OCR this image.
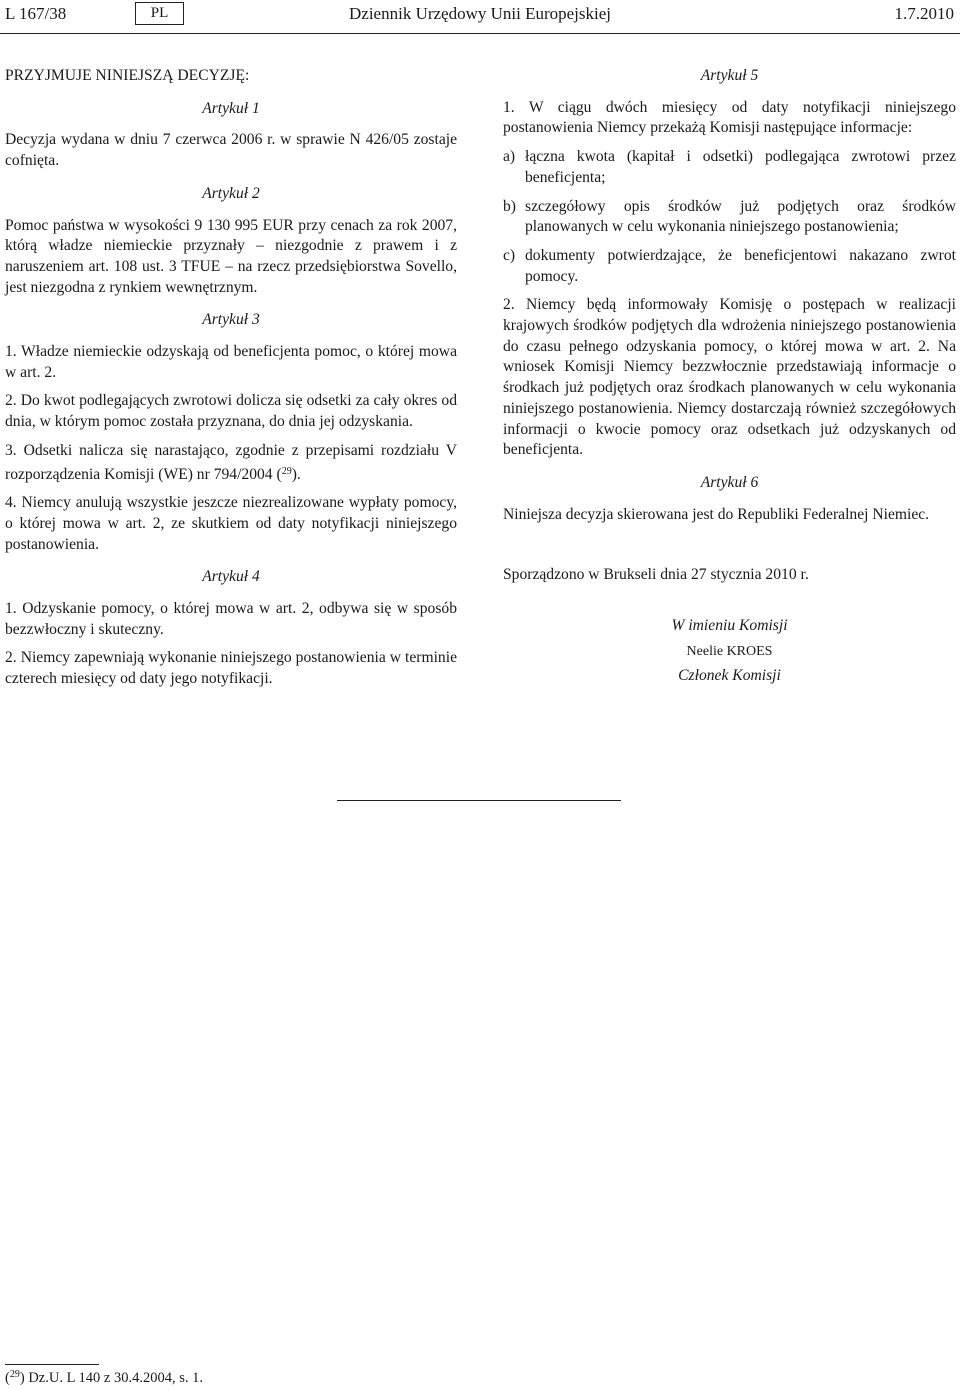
L 167/38	PL	Dziennik Urzędowy Unii Europejskiej	1.7.2010

PRZYJMUJE NINIEJSZĄ DECYZJĘ:

Artykuł 1

Decyzja wydana w dniu 7 czerwca 2006 r. w sprawie N 426/05 zostaje cofnięta.

Artykuł 2

Pomoc państwa w wysokości 9 130 995 EUR przy cenach za rok 2007, którą władze niemieckie przyznały – niezgodnie z prawem i z naruszeniem art. 108 ust. 3 TFUE – na rzecz przedsiębiorstwa Sovello, jest niezgodna z rynkiem wewnętrznym.

Artykuł 3

1. Władze niemieckie odzyskają od beneficjenta pomoc, o której mowa w art. 2.

2. Do kwot podlegających zwrotowi dolicza się odsetki za cały okres od dnia, w którym pomoc została przyznana, do dnia jej odzyskania.

3. Odsetki nalicza się narastająco, zgodnie z przepisami rozdziału V rozporządzenia Komisji (WE) nr 794/2004 ($^{29}$).

4. Niemcy anulują wszystkie jeszcze niezrealizowane wypłaty pomocy, o której mowa w art. 2, ze skutkiem od daty notyfikacji niniejszego postanowienia.

Artykuł 4

1. Odzyskanie pomocy, o której mowa w art. 2, odbywa się w sposób bezzwłoczny i skuteczny.

2. Niemcy zapewniają wykonanie niniejszego postanowienia w terminie czterech miesięcy od daty jego notyfikacji.

Artykuł 5

1. W ciągu dwóch miesięcy od daty notyfikacji niniejszego postanowienia Niemcy przekażą Komisji następujące informacje:

a) łączna kwota (kapitał i odsetki) podlegająca zwrotowi przez beneficjenta;
b) szczegółowy opis środków już podjętych oraz środków planowanych w celu wykonania niniejszego postanowienia;
c) dokumenty potwierdzające, że beneficjentowi nakazano zwrot pomocy.

2. Niemcy będą informowały Komisję o postępach w realizacji krajowych środków podjętych dla wdrożenia niniejszego postanowienia do czasu pełnego odzyskania pomocy, o której mowa w art. 2. Na wniosek Komisji Niemcy bezzwłocznie przedstawiają informacje o środkach już podjętych oraz środkach planowanych w celu wykonania niniejszego postanowienia. Niemcy dostarczają również szczegółowych informacji o kwocie pomocy oraz odsetkach już odzyskanych od beneficjenta.

Artykuł 6

Niniejsza decyzja skierowana jest do Republiki Federalnej Niemiec.

Sporządzono w Brukseli dnia 27 stycznia 2010 r.

W imieniu Komisji
Neelie KROES
Członek Komisji
($^{29}$) Dz.U. L 140 z 30.4.2004, s. 1.
